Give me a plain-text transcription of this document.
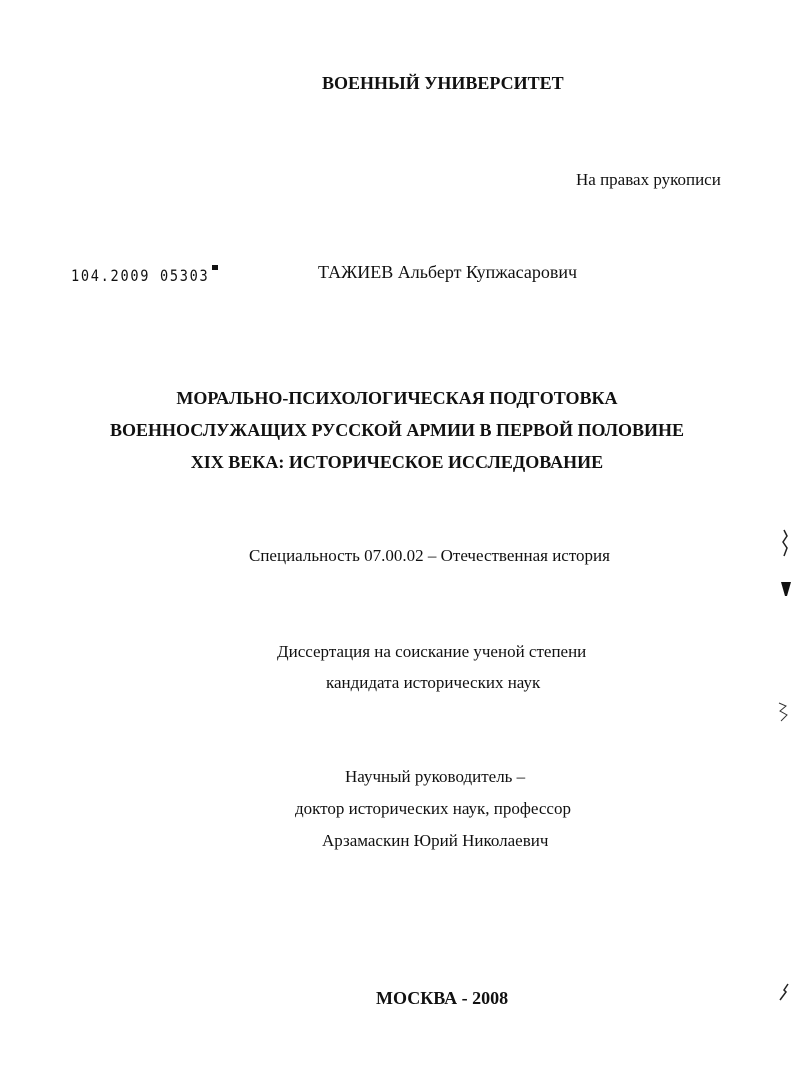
ВОЕННЫЙ УНИВЕРСИТЕТ
На правах рукописи
104.2009 05303	ТАЖИЕВ Альберт Купжасарович
МОРАЛЬНО-ПСИХОЛОГИЧЕСКАЯ ПОДГОТОВКА
ВОЕННОСЛУЖАЩИХ РУССКОЙ АРМИИ В ПЕРВОЙ ПОЛОВИНЕ
XIX ВЕКА: ИСТОРИЧЕСКОЕ ИССЛЕДОВАНИЕ
Специальность 07.00.02 – Отечественная история
Диссертация на соискание ученой степени
кандидата исторических наук
Научный руководитель –
доктор исторических наук, профессор
Арзамаскин Юрий Николаевич
МОСКВА - 2008
